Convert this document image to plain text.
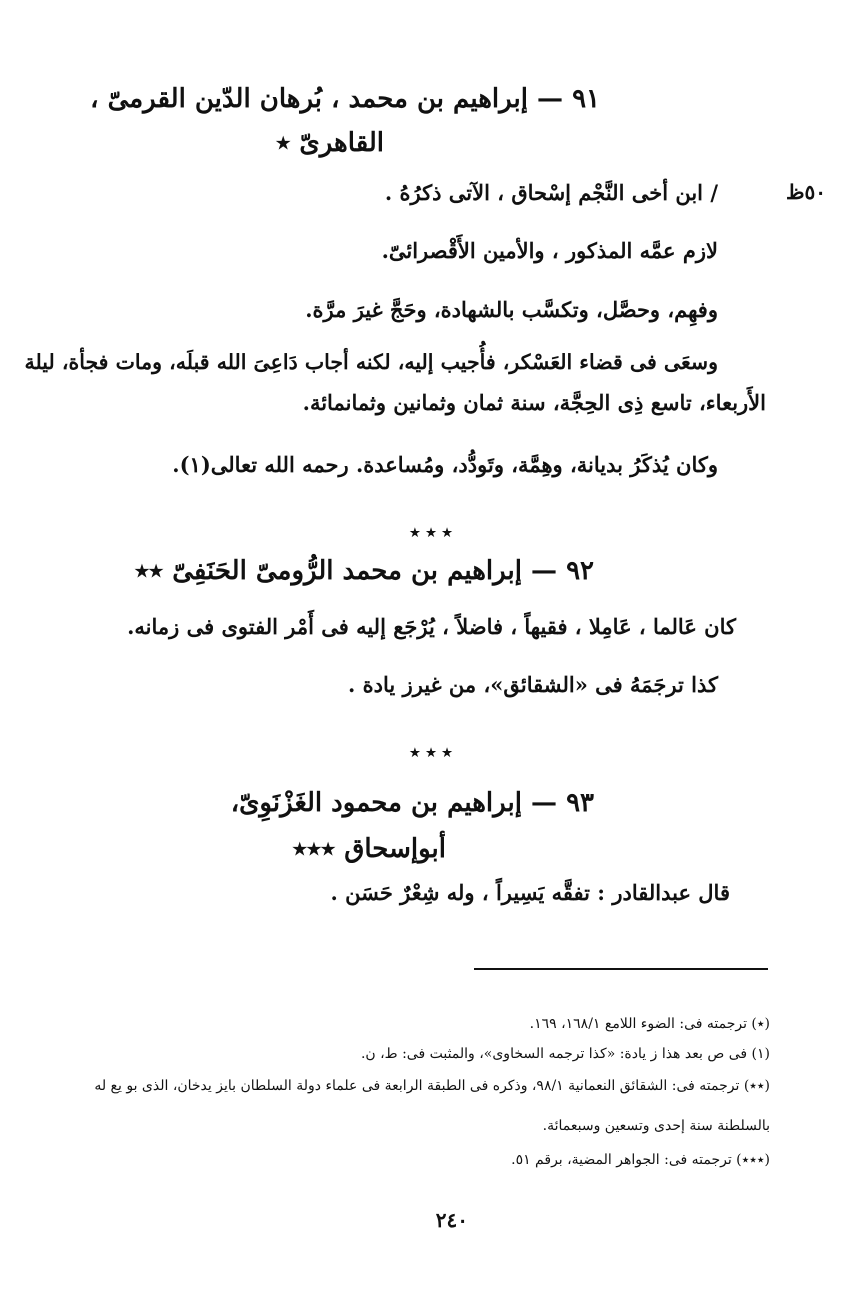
٩١ — إبراهيم بن محمد ، بُرهان الدّين القرمىّ ،
القاهرىّ ٭
٥٠ظ
/ ابن أخى النَّجْم إسْحاق ، الآتى ذكرُهُ .
لازم عمَّه المذكور ، والأمين الأَقْصرائىّ.
وفهِم، وحصَّل، وتكسَّب بالشهادة، وحَجَّ غيرَ مرَّة.
وسعَى فى قضاء العَسْكر، فأُجيب إليه، لكنه أجاب دَاعِىَ الله قبلَه، ومات فجأة، ليلة
الأَربعاء، تاسع ذِى الحِجَّة، سنة ثمان وثمانين وثمانمائة.
وكان يُذكَرُ بديانة، وهِمَّة، وتَودُّد، ومُساعدة. رحمه الله تعالى(١).
٭ ٭ ٭
٩٢ — إبراهيم بن محمد الرُّومىّ الحَنَفِىّ ٭٭
كان عَالما ، عَامِلا ، فقيهاً ، فاضلاً ، يُرْجَع إليه فى أَمْر الفتوى فى زمانه.
كذا ترجَمَهُ فى «الشقائق»، من غيرز يادة .
٭ ٭ ٭
٩٣ — إبراهيم بن محمود الغَزْنَوِىّ،
أبوإسحاق ٭٭٭
قال عبدالقادر : تفقَّه يَسِيراً ، وله شِعْرٌ حَسَن .
(٭) ترجمته فى: الضوء اللامع ١٦٨/١، ١٦٩.
(١) فى ص بعد هذا ز يادة: «كذا ترجمه السخاوى»، والمثبت فى: ط، ن.
(٭٭) ترجمته فى: الشقائق النعمانية ٩٨/١، وذكره فى الطبقة الرابعة فى علماء دولة السلطان بايز يدخان، الذى بو يع له
بالسلطنة سنة إحدى وتسعين وسبعمائة.
(٭٭٭) ترجمته فى: الجواهر المضية، برقم ٥١.
٢٤٠
